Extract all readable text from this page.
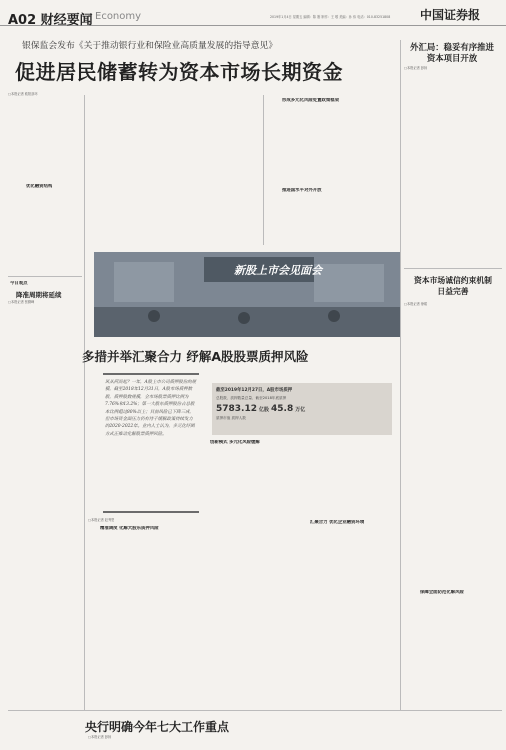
A02 财经要闻 Economy	2019年1月4日 星期五 编辑：陈 刚 制作：王 敬 美编：孙 伟 电话：010-83251808	中国证券报
银保监会发布《关于推动银行业和保险业高质量发展的指导意见》
促进居民储蓄转为资本市场长期资金
□本报记者 欧阳剑环
优化融资结构
今日观点
降准周期将延续
□本报记者 张勤峰
形成多元化风险处置政策框架
推进国水平对外开放
外汇局：稳妥有序推进
资本项目开放
□本报记者 彭扬
资本市场诚信约束机制
日益完善
□本报记者 徐昭
新股上市会见面会
多措并举汇聚合力 纾解A股股票质押风险
风从何而起？一年，A股上市公司质押股份的规模，截至2018年12月31日，A股市场质押数股，质押股数规模，全市场股票质押比例为7.76%和13.2%；第一大股东质押股份占总股本比例超过80%以上；目前风险已下降三成，但市场资金面压力仍有待于缓解政策持续发力的2020-2022年。业内人士认为，多元化纾困方式正推动化解股票质押风险。
截至2019年12月27日，A股市场质押
总股数、质押数量总量、截至2018年底质押
5783.12 亿股 45.8 万亿
质押市值 质押人数
□本报记者 赵秀恩
精准调度 化解大股东质押风险
创新模式 多元化风险缓解
汇聚合力 优化企业融资环境
保障全面防范化解风险
央行明确今年七大工作重点
□本报记者 彭扬
